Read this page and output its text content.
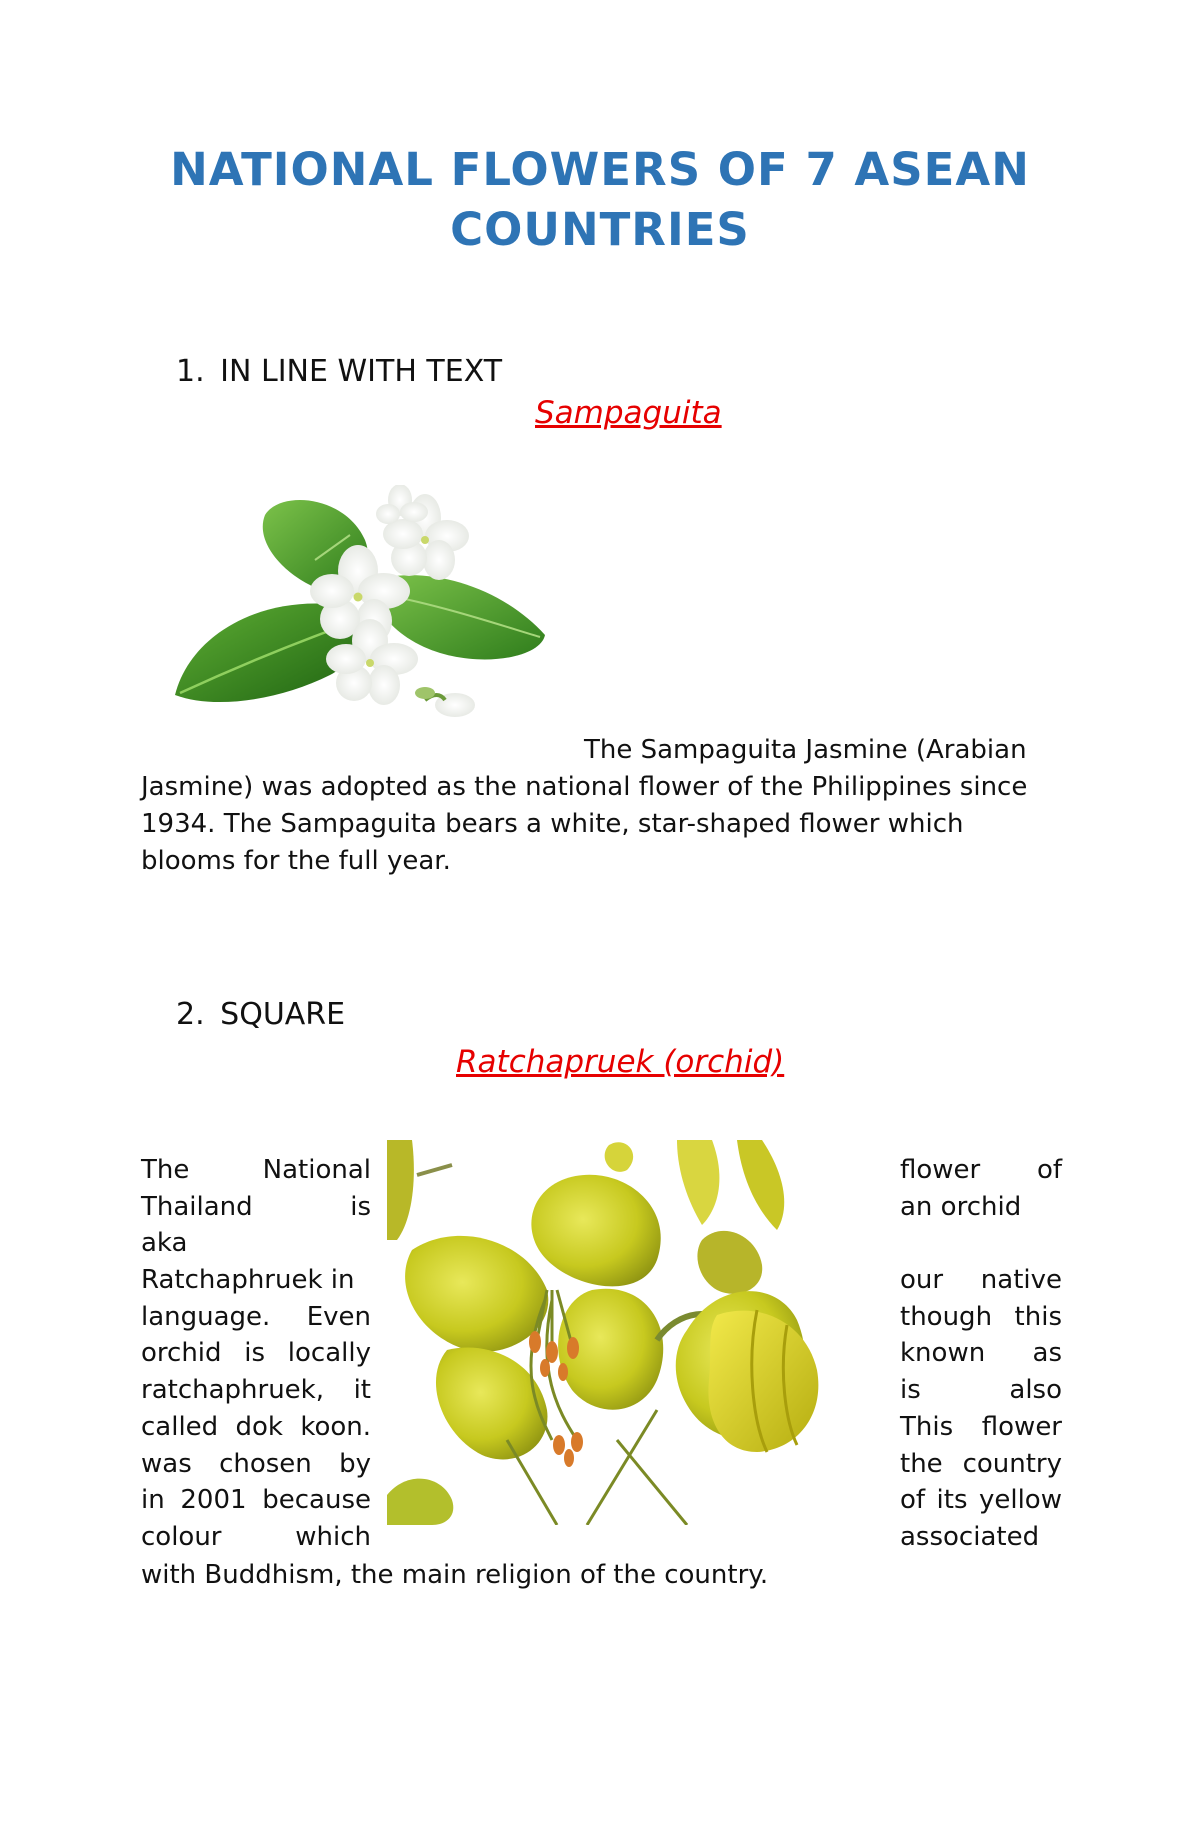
NATIONAL FLOWERS OF 7 ASEAN
COUNTRIES
1. IN LINE WITH TEXT
Sampaguita
The Sampaguita Jasmine (Arabian
Jasmine) was adopted as the national flower of the Philippines since
1934. The Sampaguita bears a white, star-shaped flower which
blooms for the full year.
2. SQUARE
Ratchapruek (orchid)
The	National
Thailand	is
aka
Ratchaphruek in
language. Even
orchid is locally
ratchaphruek, it
called dok koon.
was chosen by
in 2001 because
colour	which
flower of
an orchid
our native
though this
known as
is	also
This flower
the country
of its yellow
associated
with Buddhism, the main religion of the country.
